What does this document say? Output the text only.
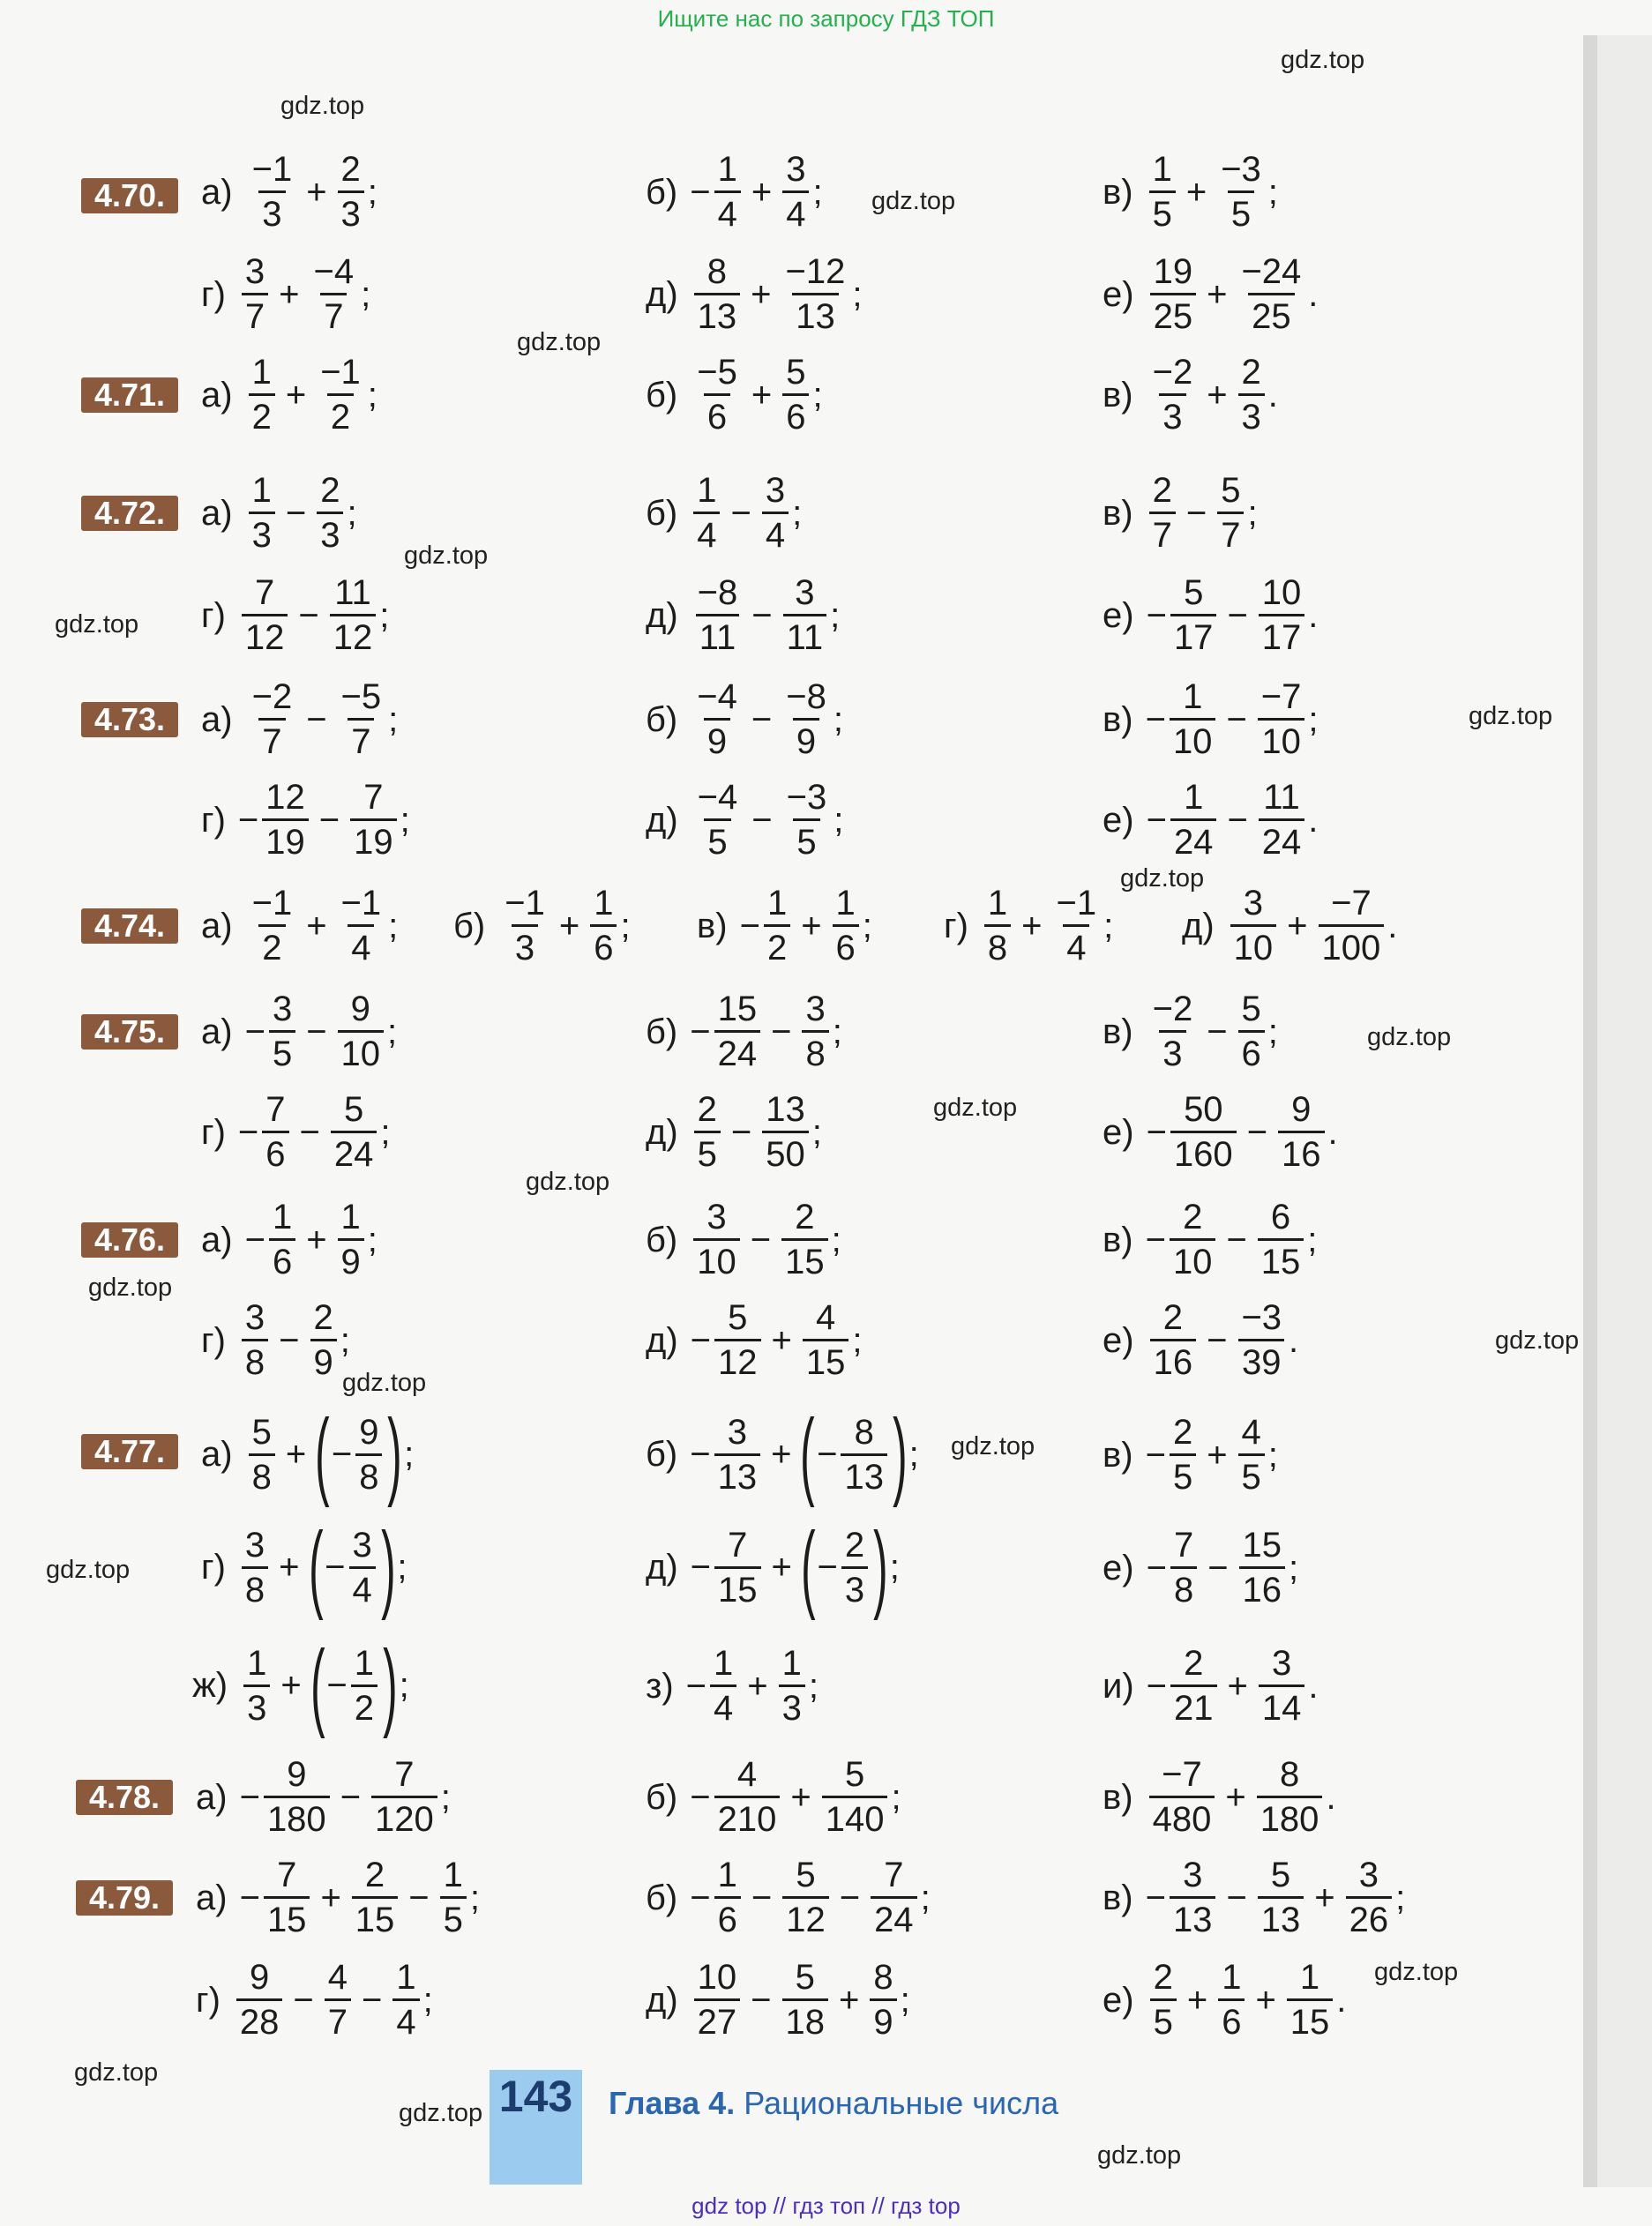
Ищите нас по запросу ГДЗ ТОП
gdz.top
gdz.top
gdz.top
gdz.top
gdz.top
gdz.top
gdz.top
gdz.top
gdz.top
gdz.top
gdz.top
gdz.top
gdz.top
gdz.top
gdz.top
gdz.top
gdz.top
gdz.top
gdz.top
gdz.top
4.70.	$а) \frac{-1}{3} + \frac{2}{3}$ ;	$б) - \frac{1}{4} + \frac{3}{4}$ ;	$в) \frac{1}{5} + \frac{-3}{5}$ ;
$г) \frac{3}{7} + \frac{-4}{7}$ ;	$д) \frac{8}{13} + \frac{-12}{13}$ ;	$е) \frac{19}{25} + \frac{-24}{25}$ .
4.71.	$а) \frac{1}{2} + \frac{-1}{2}$ ;	$б) \frac{-5}{6} + \frac{5}{6}$ ;	$в) \frac{-2}{3} + \frac{2}{3}$ .
4.72.	$а) \frac{1}{3} - \frac{2}{3}$ ;	$б) \frac{1}{4} - \frac{3}{4}$ ;	$в) \frac{2}{7} - \frac{5}{7}$ ;
$г) \frac{7}{12} - \frac{11}{12}$ ;	$д) \frac{-8}{11} - \frac{3}{11}$ ;	$е) - \frac{5}{17} - \frac{10}{17}$ .
4.73.	$а) \frac{-2}{7} - \frac{-5}{7}$ ;	$б) \frac{-4}{9} - \frac{-8}{9}$ ;	$в) - \frac{1}{10} - \frac{-7}{10}$ ;
$г) - \frac{12}{19} - \frac{7}{19}$ ;	$д) \frac{-4}{5} - \frac{-3}{5}$ ;	$е) - \frac{1}{24} - \frac{11}{24}$ .
4.74.	$а) \frac{-1}{2} + \frac{-1}{4}$ ; $б) \frac{-1}{3} + \frac{1}{6}$ ; $в) - \frac{1}{2} + \frac{1}{6}$ ; $г) \frac{1}{8} + \frac{-1}{4}$ ; $д) \frac{3}{10} + \frac{-7}{100}$ .
4.75.	$а) - \frac{3}{5} - \frac{9}{10}$ ;	$б) - \frac{15}{24} - \frac{3}{8}$ ;	$в) \frac{-2}{3} - \frac{5}{6}$ ;
$г) - \frac{7}{6} - \frac{5}{24}$ ;	$д) \frac{2}{5} - \frac{13}{50}$ ;	$е) - \frac{50}{160} - \frac{9}{16}$ .
4.76.	$а) - \frac{1}{6} + \frac{1}{9}$ ;	$б) \frac{3}{10} - \frac{2}{15}$ ;	$в) - \frac{2}{10} - \frac{6}{15}$ ;
$г) \frac{3}{8} - \frac{2}{9}$ ;	$д) - \frac{5}{12} + \frac{4}{15}$ ;	$е) \frac{2}{16} - \frac{-3}{39}$ .
4.77.	$а) \frac{5}{8}$ + ( − $\frac{9}{8}$ ) ;	$б) - \frac{3}{13}$ + ( − $\frac{8}{13}$ ) ;	$в) - \frac{2}{5} + \frac{4}{5}$ ;
$г) \frac{3}{8}$ + ( − $\frac{3}{4}$ ) ;	$д) - \frac{7}{15}$ + ( − $\frac{2}{3}$ ) ;	$е) - \frac{7}{8} - \frac{15}{16}$ ;
$ж) \frac{1}{3}$ + ( − $\frac{1}{2}$ ) ;	$з) - \frac{1}{4} + \frac{1}{3}$ ;	$и) - \frac{2}{21} + \frac{3}{14}$ .
4.78.	$а) - \frac{9}{180} - \frac{7}{120}$ ;	$б) - \frac{4}{210} + \frac{5}{140}$ ;	$в) \frac{-7}{480} + \frac{8}{180}$ .
4.79.	$а) - \frac{7}{15} + \frac{2}{15} - \frac{1}{5}$ ;	$б) - \frac{1}{6} - \frac{5}{12} - \frac{7}{24}$ ;	$в) - \frac{3}{13} - \frac{5}{13} + \frac{3}{26}$ ;
$г) \frac{9}{28} - \frac{4}{7} - \frac{1}{4}$ ;	$д) \frac{10}{27} - \frac{5}{18} + \frac{8}{9}$ ;	$е) \frac{2}{5} + \frac{1}{6} + \frac{1}{15}$ .
143 Глава 4. Рациональные числа
gdz top // гдз топ // гдз top
